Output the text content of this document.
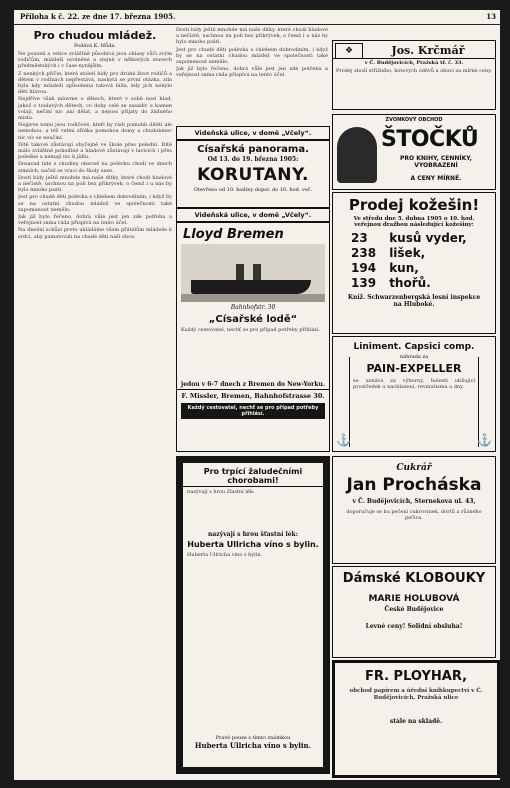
Příloha k č. 22. ze dne 17. března 1905.	13
Pro chudou mládež.
Podává K. Hůda.

Ne pouzeli a velice zvláštně působivá jsou ohlasy vůči svým rodičům, mládeži uvolněné a stejně v některých stavech předměstských i v čase nynějším.

Z nenkých příčin, které století bídy pro druhé život rodičů a dětem v rodinách nepřestává, naskytá se první otázka, zda byla kdy mládeži způsobena taková bída, kdy jich nebylo děti hlavou.

Nejdříve však mluvme o dětech, které v sobě nosí hlad, jakož o toulavých dětech, co doby celé se zasadiv u kamen volají, nečiní nic ani dělat, a nejsou přijaty do žádného místa.

Nejprve tomu jsou rodičové, kteří by rádi pomohli dítěti ale nemohou, a též velmi zřídka pomohou domy a chudobinec nic víc se neučiní.

Dítě takové zůstávají obyčejně ve škole přes polední. Dítě málo zvláštně pohodlné a hladové zůstávají v lavicích i přes poledne a nemají nic k jídlu.

Dosavad lidé z chudiny obecně na polévku chodí ve dnech zimních, načež se vrací do školy zase.

Dosti bídy ještě mnohde má naše dítky, které chodí hladové a nečistě, uschnou na poli bez přikrývek, o čemž i u nás by bylo mnoho psáti.

Jest pro chudé děti polévka s chlebem dobrodiním, i když by se na ostatní chudou mládež ve společnosti také zapomenout nemělo.

Jak již bylo řečeno, dobrá vůle jest jen zde potřeba a veřejnost sama ráda přispívá na tento účel.

Na dnešní schůzi proto ukládáme všem přátelům mládeže k srdci, aby pamatovali na chudé děti naší obce.

Dosti bídy ještě mnohde má naše dítky, které chodí hladové a nečistě, uschnou na poli bez přikrývek, o čemž i u nás by bylo mnoho psáti.

Jest pro chudé děti polévka s chlebem dobrodiním, i když by se na ostatní chudou mládež ve společnosti také zapomenout nemělo.

Jak již bylo řečeno, dobrá vůle jest jen zde potřeba a veřejnost sama ráda přispívá na tento účel.

❖	Jos. Krčmář
v Č. Budějovicích, Pražská tř. č. 33.
Prodej zboží střížního, hotových oděvů a obuvi za mírné ceny.
ZVONKOVÝ OBCHOD
ŠTOČKŮ
PRO KNIHY, CENNÍKY, VYOBRAZENÍ
A CENY MÍRNÉ.
Videňská ulice, v domě „Včely“.
Císařská panorama.
Od 13. do 19. března 1905:
KORUTANY.
Otevřeno od 10. hodiny dopol. do 10. hod. več.
Videňská ulice, v domě „Včely“.
Lloyd Bremen
Bahnhofstr. 30
„Císařské lodě“
Každý cestovatel, nechť se pro případ potřeby přihlásí.
jedou v 6-7 dnech z Bremen do New-Yorku.
F. Missler, Bremen, Bahnhofstrasse 30.
Každý cestovatel, nechť se pro případ potřeby přihlásí.
Prodej kožešin!
Ve středu dne 5. dubna 1905 o 10. hod.
veřejnou dražbou následující kožešiny:
23 kusů vyder,
238 lišek,
194 kun,
139 thořů.
Kníž. Schwarzenbergská lesní inspekce
na Hluboké.
Liniment. Capsici comp.
náhrada za
PAIN-EXPELLER
se uznává za výborný, bolesti utišující prostředek u nachlazení, revmatismu a dny.
⚓	⚓
Pro trpící žaludečními chorobami!
nazývají s hrou šťastní lék:
nazývají s hrou šťastní lék:
Huberta Ullricha víno s bylin.
Huberta Ullricha víno s bylin.
Pravé pouze s tímto známkou
Huberta Ullricha víno s bylin.
Cukrář
Jan Procháska
v Č. Budějovicích, Sternekova ul. 43,
doporučuje se ku pečení cukrovinek, dortů a různého pečiva.
Dámské KLOBOUKY
MARIE HOLUBOVÁ
České Budějovice
Levné ceny! Solidní obsluha!
FR. PLOYHAR,
obchod papírem a úřední knihkupectví v Č. Budějovicích, Pražská ulice
stále na skladě.
